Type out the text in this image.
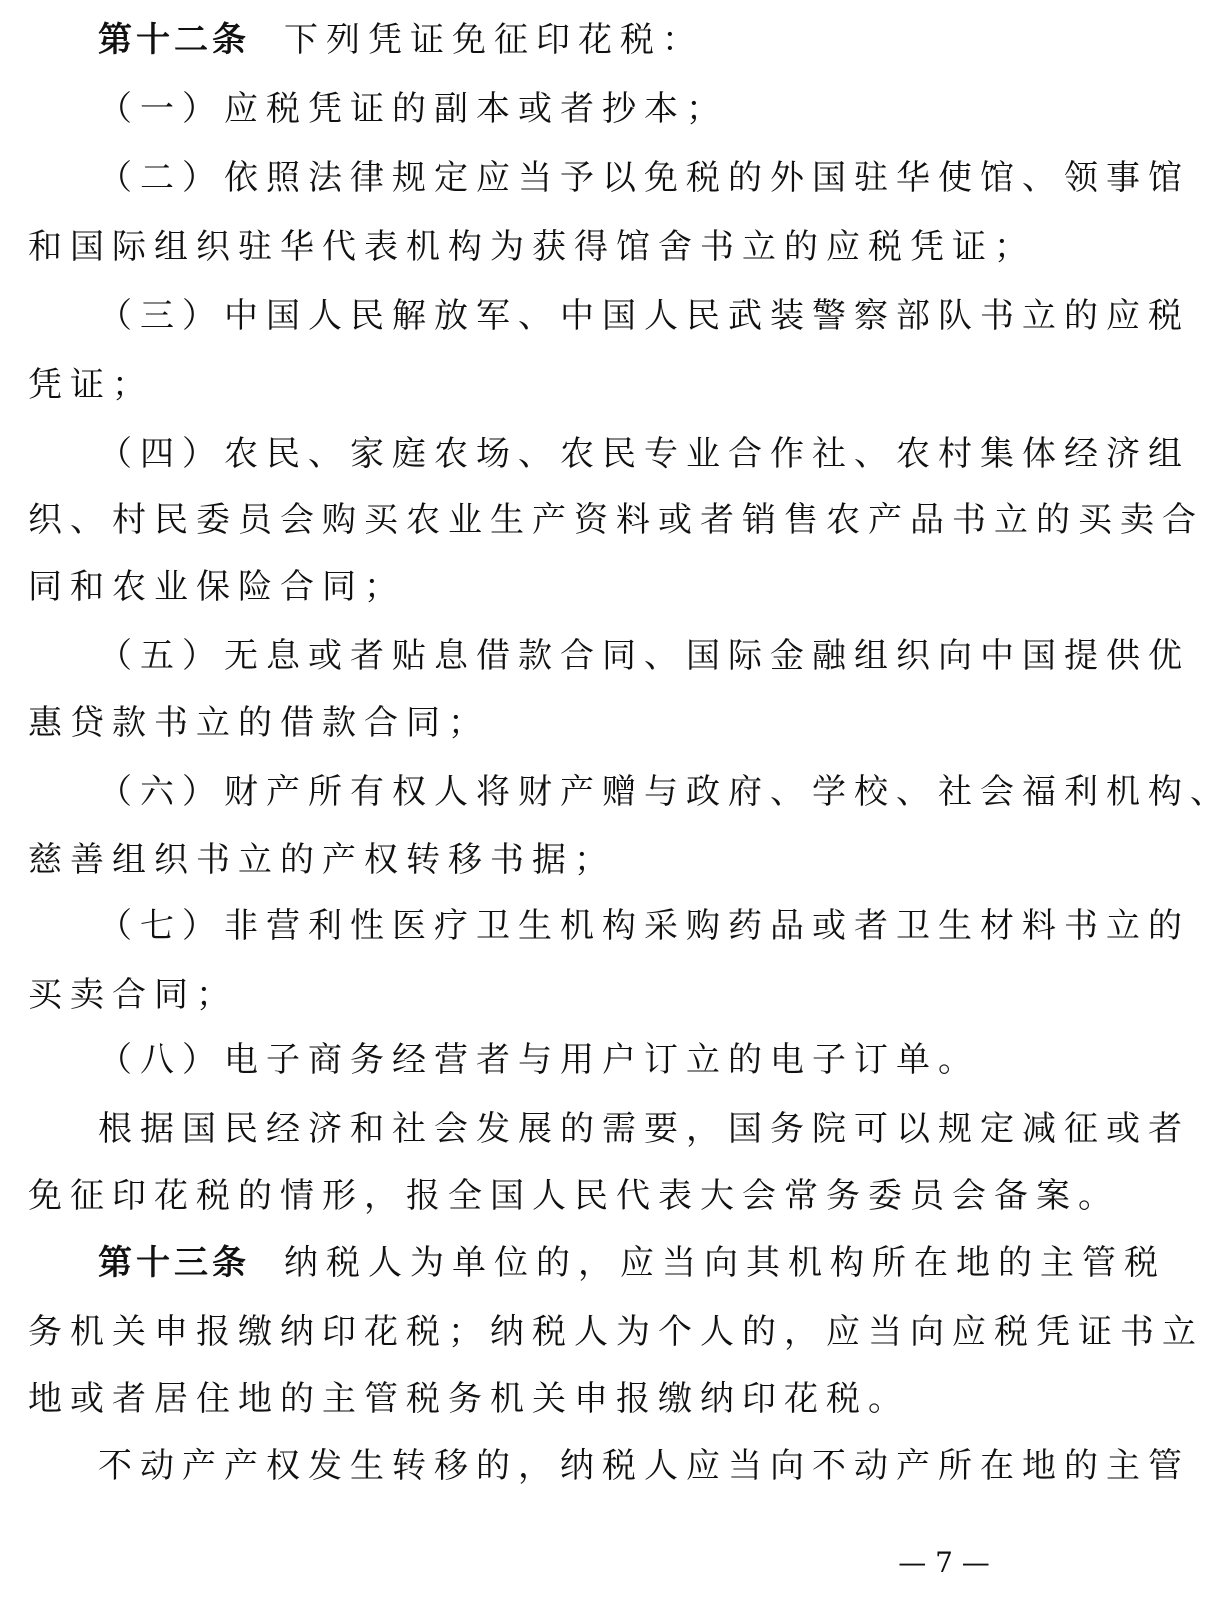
第十二条 下列凭证免征印花税：
（一）应税凭证的副本或者抄本；
（二）依照法律规定应当予以免税的外国驻华使馆、领事馆
和国际组织驻华代表机构为获得馆舍书立的应税凭证；
（三）中国人民解放军、中国人民武装警察部队书立的应税
凭证；
（四）农民、家庭农场、农民专业合作社、农村集体经济组
织、村民委员会购买农业生产资料或者销售农产品书立的买卖合
同和农业保险合同；
（五）无息或者贴息借款合同、国际金融组织向中国提供优
惠贷款书立的借款合同；
（六）财产所有权人将财产赠与政府、学校、社会福利机构、
慈善组织书立的产权转移书据；
（七）非营利性医疗卫生机构采购药品或者卫生材料书立的
买卖合同；
（八）电子商务经营者与用户订立的电子订单。
根据国民经济和社会发展的需要，国务院可以规定减征或者
免征印花税的情形，报全国人民代表大会常务委员会备案。
第十三条 纳税人为单位的，应当向其机构所在地的主管税
务机关申报缴纳印花税；纳税人为个人的，应当向应税凭证书立
地或者居住地的主管税务机关申报缴纳印花税。
不动产产权发生转移的，纳税人应当向不动产所在地的主管
— 7 —
